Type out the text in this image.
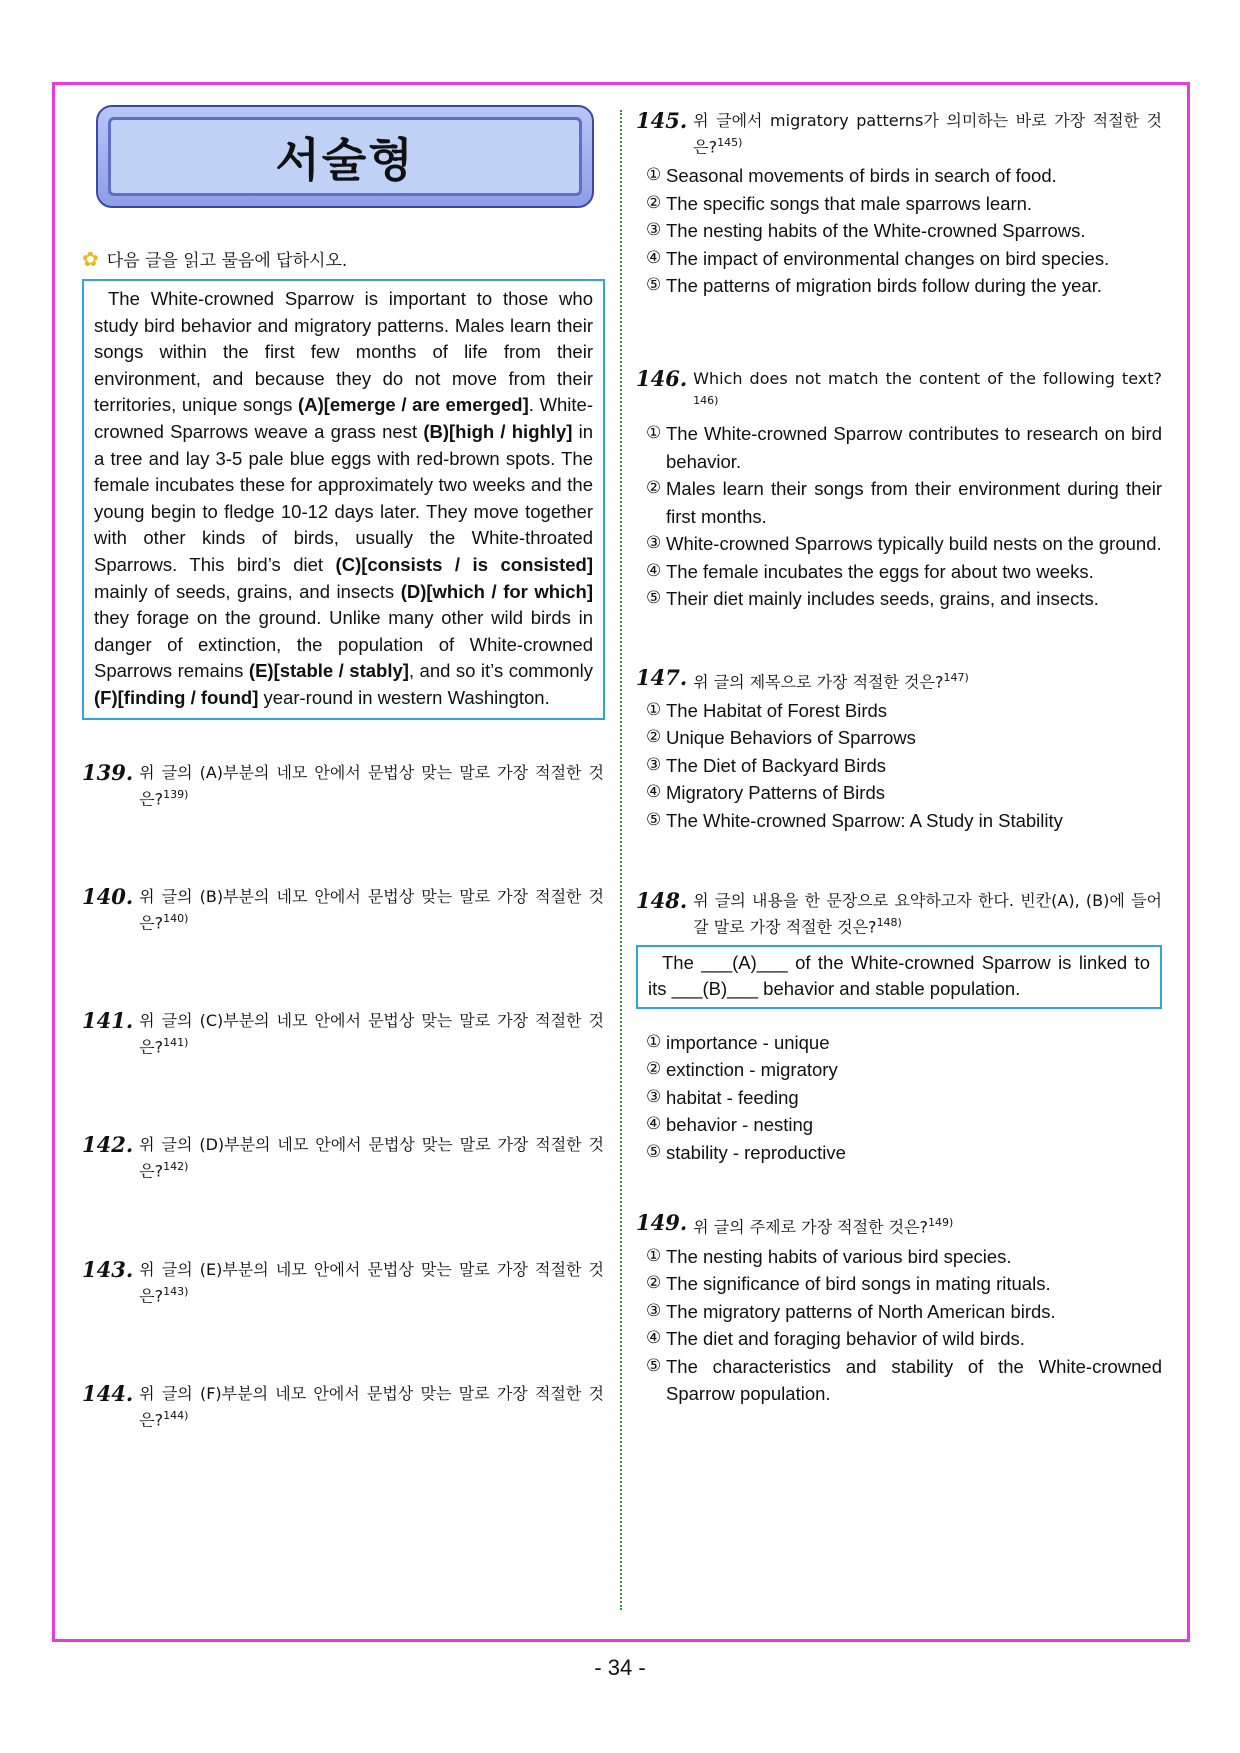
서술형
✿ 다음 글을 읽고 물음에 답하시오.
The White-crowned Sparrow is important to those who study bird behavior and migratory patterns. Males learn their songs within the first few months of life from their environment, and because they do not move from their territories, unique songs (A)[emerge / are emerged]. White-crowned Sparrows weave a grass nest (B)[high / highly] in a tree and lay 3-5 pale blue eggs with red-brown spots. The female incubates these for approximately two weeks and the young begin to fledge 10-12 days later. They move together with other kinds of birds, usually the White-throated Sparrows. This bird’s diet (C)[consists / is consisted] mainly of seeds, grains, and insects (D)[which / for which] they forage on the ground. Unlike many other wild birds in danger of extinction, the population of White-crowned Sparrows remains (E)[stable / stably], and so it’s commonly (F)[finding / found] year-round in western Washington.
139. 위 글의 (A)부분의 네모 안에서 문법상 맞는 말로 가장 적절한 것은?$^{139)}$
140. 위 글의 (B)부분의 네모 안에서 문법상 맞는 말로 가장 적절한 것은?$^{140)}$
141. 위 글의 (C)부분의 네모 안에서 문법상 맞는 말로 가장 적절한 것은?$^{141)}$
142. 위 글의 (D)부분의 네모 안에서 문법상 맞는 말로 가장 적절한 것은?$^{142)}$
143. 위 글의 (E)부분의 네모 안에서 문법상 맞는 말로 가장 적절한 것은?$^{143)}$
144. 위 글의 (F)부분의 네모 안에서 문법상 맞는 말로 가장 적절한 것은?$^{144)}$
145. 위 글에서 migratory patterns가 의미하는 바로 가장 적절한 것은?$^{145)}$
① Seasonal movements of birds in search of food.
② The specific songs that male sparrows learn.
③ The nesting habits of the White-crowned Sparrows.
④ The impact of environmental changes on bird species.
⑤ The patterns of migration birds follow during the year.
146. Which does not match the content of the following text?$^{146)}$
① The White-crowned Sparrow contributes to research on bird behavior.
② Males learn their songs from their environment during their first months.
③ White-crowned Sparrows typically build nests on the ground.
④ The female incubates the eggs for about two weeks.
⑤ Their diet mainly includes seeds, grains, and insects.
147. 위 글의 제목으로 가장 적절한 것은?$^{147)}$
① The Habitat of Forest Birds
② Unique Behaviors of Sparrows
③ The Diet of Backyard Birds
④ Migratory Patterns of Birds
⑤ The White-crowned Sparrow: A Study in Stability
148. 위 글의 내용을 한 문장으로 요약하고자 한다. 빈칸(A), (B)에 들어갈 말로 가장 적절한 것은?$^{148)}$
The ___(A)___ of the White-crowned Sparrow is linked to its ___(B)___ behavior and stable population.
① importance - unique
② extinction - migratory
③ habitat - feeding
④ behavior - nesting
⑤ stability - reproductive
149. 위 글의 주제로 가장 적절한 것은?$^{149)}$
① The nesting habits of various bird species.
② The significance of bird songs in mating rituals.
③ The migratory patterns of North American birds.
④ The diet and foraging behavior of wild birds.
⑤ The characteristics and stability of the White-crowned Sparrow population.
- 34 -
